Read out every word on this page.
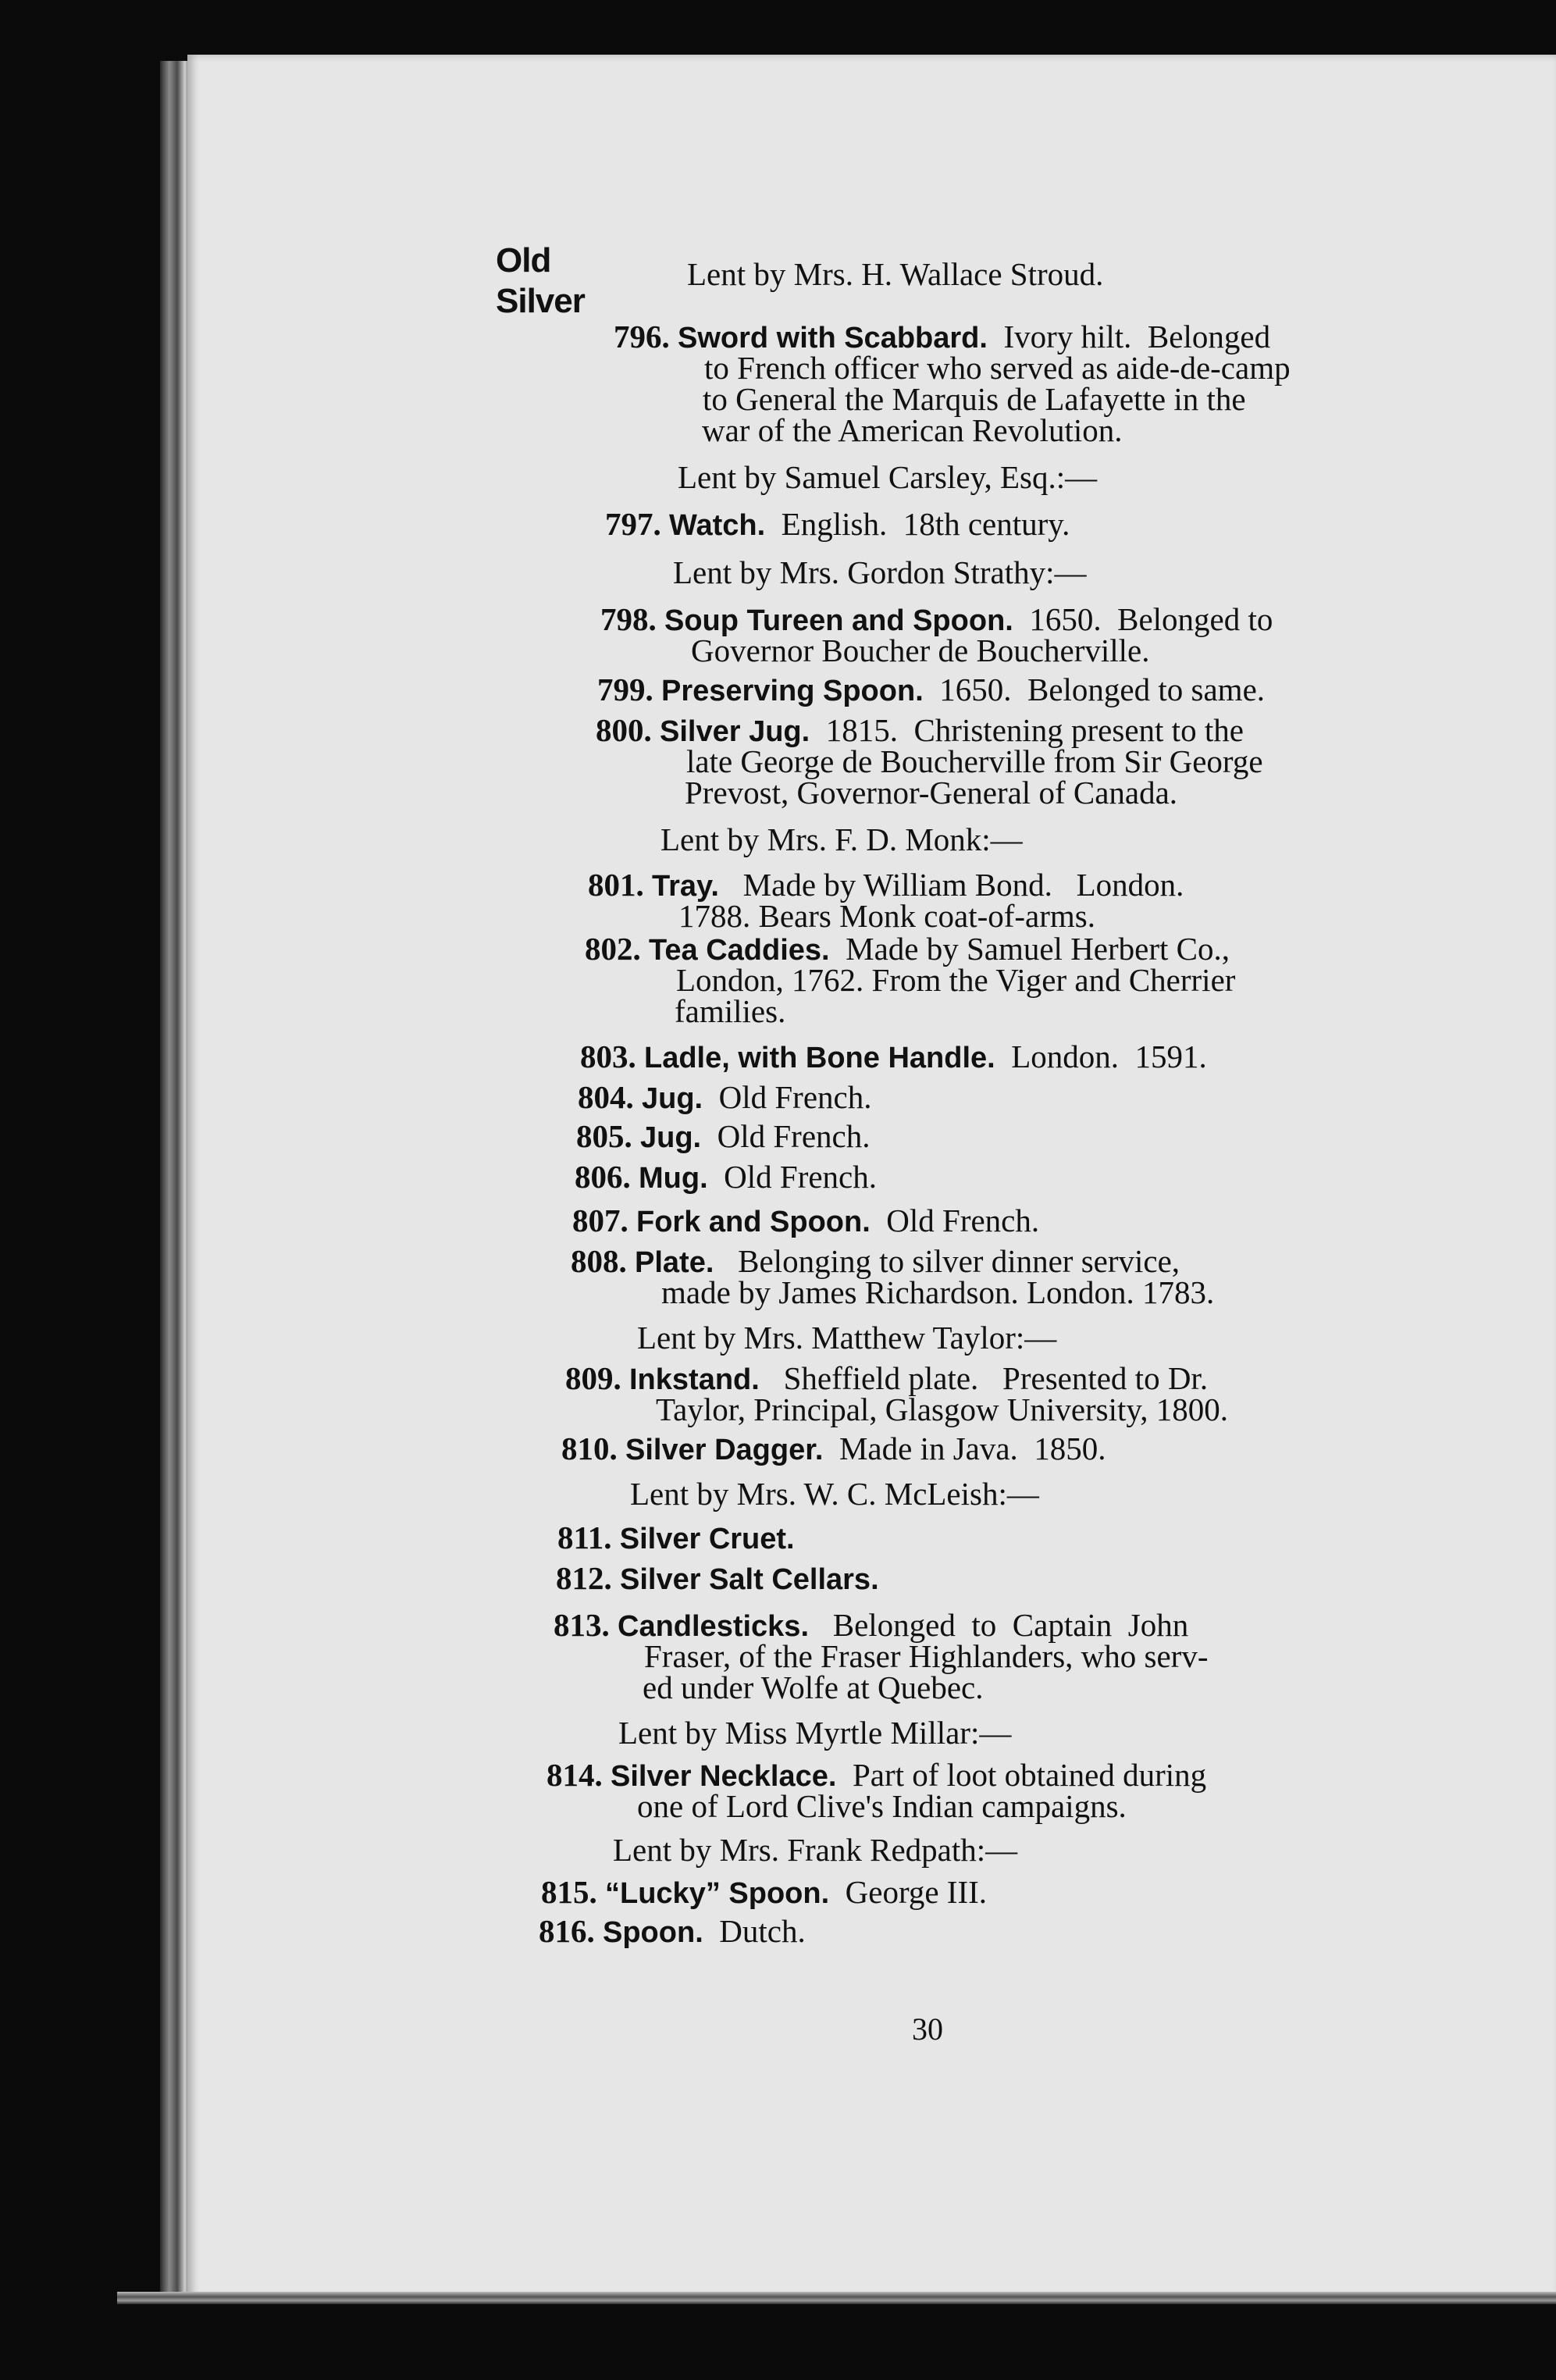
Old
Silver
Lent by Mrs. H. Wallace Stroud.
796. Sword with Scabbard.  Ivory hilt.  Belonged
to French officer who served as aide-de-camp
to General the Marquis de Lafayette in the
war of the American Revolution.
Lent by Samuel Carsley, Esq.:—
797. Watch.  English.  18th century.
Lent by Mrs. Gordon Strathy:—
798. Soup Tureen and Spoon.  1650.  Belonged to
Governor Boucher de Boucherville.
799. Preserving Spoon.  1650.  Belonged to same.
800. Silver Jug.  1815.  Christening present to the
late George de Boucherville from Sir George
Prevost, Governor-General of Canada.
Lent by Mrs. F. D. Monk:—
801. Tray.   Made by William Bond.   London.
1788. Bears Monk coat-of-arms.
802. Tea Caddies.  Made by Samuel Herbert Co.,
London, 1762. From the Viger and Cherrier
families.
803. Ladle, with Bone Handle.  London.  1591.
804. Jug.  Old French.
805. Jug.  Old French.
806. Mug.  Old French.
807. Fork and Spoon.  Old French.
808. Plate.   Belonging to silver dinner service,
made by James Richardson. London. 1783.
Lent by Mrs. Matthew Taylor:—
809. Inkstand.   Sheffield plate.   Presented to Dr.
Taylor, Principal, Glasgow University, 1800.
810. Silver Dagger.  Made in Java.  1850.
Lent by Mrs. W. C. McLeish:—
811. Silver Cruet.
812. Silver Salt Cellars.
813. Candlesticks.   Belonged  to  Captain  John
Fraser, of the Fraser Highlanders, who serv-
ed under Wolfe at Quebec.
Lent by Miss Myrtle Millar:—
814. Silver Necklace.  Part of loot obtained during
one of Lord Clive's Indian campaigns.
Lent by Mrs. Frank Redpath:—
815. “Lucky” Spoon.  George III.
816. Spoon.  Dutch.
30
